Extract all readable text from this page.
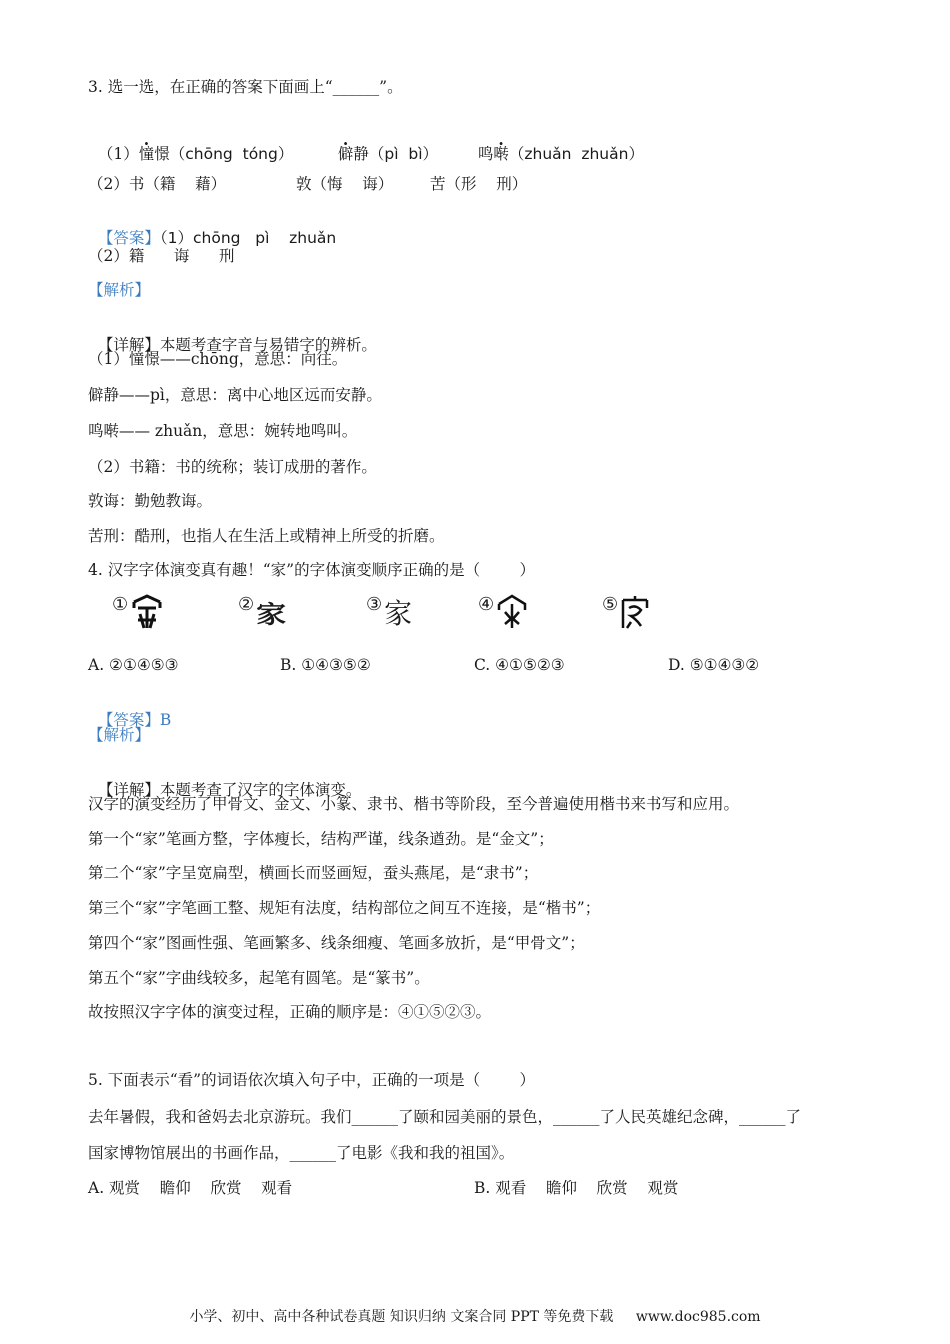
3. 选一选，在正确的答案下面画上“______”。

（1）憧憬（chōng  tóng）	僻静（pì  bì）	鸣啭（zhuǎn  zhuǎn）

（2）书（籍    藉）	敦（悔    诲） 苦（形    刑）

【答案】（1）chōng   pì    zhuǎn

（2）籍      诲      刑
【解析】

【详解】本题考查字音与易错字的辨析。

（1）憧憬——chōng，意思：向往。
僻静——pì，意思：离中心地区远而安静。
鸣啭—— zhuǎn，意思：婉转地鸣叫。
（2）书籍：书的统称；装订成册的著作。
敦诲：勤勉教诲。
苦刑：酷刑，也指人在生活上或精神上所受的折磨。
4. 汉字字体演变真有趣！“家”的字体演变顺序正确的是（        ）
①	② 家	③ 家	④	⑤
A. ②①④⑤③	B. ①④③⑤②	C. ④①⑤②③	D. ⑤①④③②

【答案】B

【解析】

【详解】本题考查了汉字的字体演变。

汉字的演变经历了甲骨文、金文、小篆、隶书、楷书等阶段，至今普遍使用楷书来书写和应用。
第一个“家”笔画方整，字体瘦长，结构严谨，线条遒劲。是“金文”；
第二个“家”字呈宽扁型，横画长而竖画短，蚕头燕尾，是“隶书”；
第三个“家”字笔画工整、规矩有法度，结构部位之间互不连接，是“楷书”；
第四个“家”图画性强、笔画繁多、线条细瘦、笔画多放折，是“甲骨文”；
第五个“家”字曲线较多，起笔有圆笔。是“篆书”。
故按照汉字字体的演变过程，正确的顺序是：④①⑤②③。
5. 下面表示“看”的词语依次填入句子中，正确的一项是（        ）
去年暑假，我和爸妈去北京游玩。我们______了颐和园美丽的景色，______了人民英雄纪念碑，______了
国家博物馆展出的书画作品，______了电影《我和我的祖国》。
A. 观赏    瞻仰    欣赏    观看	B. 观看    瞻仰    欣赏    观赏
小学、初中、高中各种试卷真题 知识归纳 文案合同 PPT 等免费下载 www.doc985.com
